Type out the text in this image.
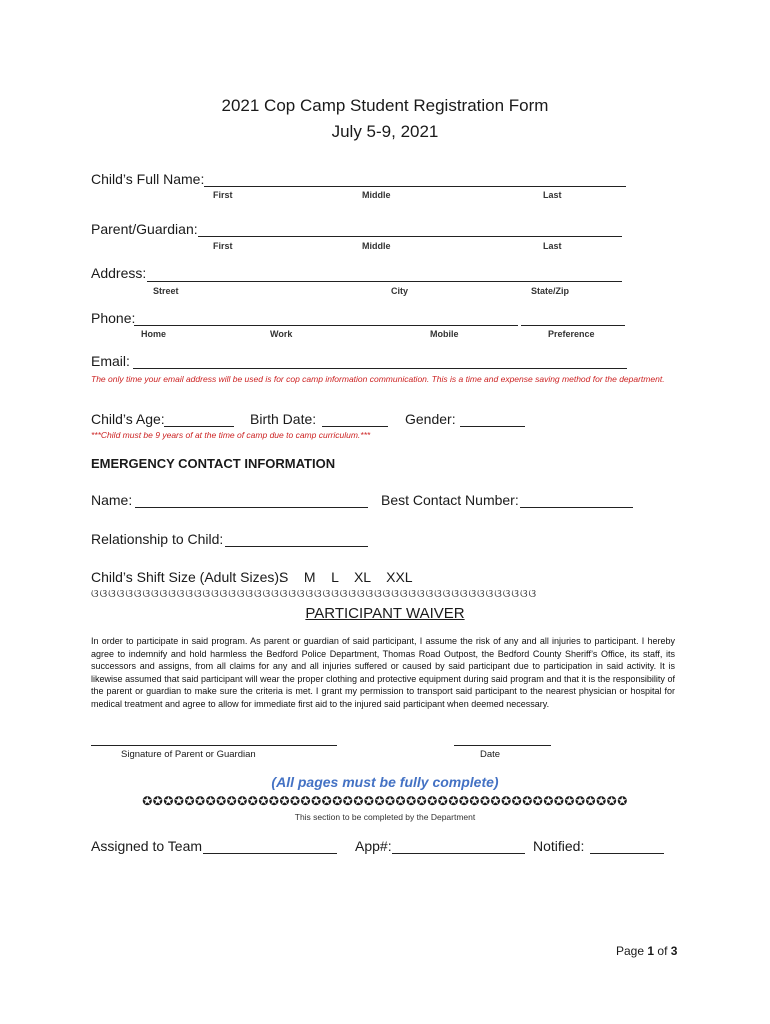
2021 Cop Camp Student Registration Form
July 5-9, 2021
Child’s Full Name:
First	Middle	Last
Parent/Guardian:
First	Middle	Last
Address:
Street	City	State/Zip
Phone:
Home	Work	Mobile	Preference
Email:
The only time your email address will be used is for cop camp information communication. This is a time and expense saving method for the department.
Child’s Age:	Birth Date:	Gender:
***Child must be 9 years of at the time of camp due to camp curriculum.***
EMERGENCY CONTACT INFORMATION
Name:	Best Contact Number:
Relationship to Child:
Child’s Shift Size (Adult Sizes):
S    M    L    XL    XXL
ଓଓଓଓଓଓଓଓଓଓଓଓଓଓଓଓଓଓଓଓଓଓଓଓଓଓଓଓଓଓଓଓଓଓଓଓଓଓଓଓଓଓଓଓଓଓଓଓଓଓଓଓ
PARTICIPANT WAIVER
In order to participate in said program. As parent or guardian of said participant, I assume the risk of any and all injuries to participant. I hereby agree to indemnify and hold harmless the Bedford Police Department, Thomas Road Outpost, the Bedford County Sheriff’s Office, its staff, its successors and assigns, from all claims for any and all injuries suffered or caused by said participant due to participation in said activity. It is likewise assumed that said participant will wear the proper clothing and protective equipment during said program and that it is the responsibility of the parent or guardian to make sure the criteria is met. I grant my permission to transport said participant to the nearest physician or hospital for medical treatment and agree to allow for immediate first aid to the injured said participant when deemed necessary.
Signature of Parent or Guardian	Date
(All pages must be fully complete)
✪✪✪✪✪✪✪✪✪✪✪✪✪✪✪✪✪✪✪✪✪✪✪✪✪✪✪✪✪✪✪✪✪✪✪✪✪✪✪✪✪✪✪✪✪✪
This section to be completed by the Department
Assigned to Team	App#:	Notified:
Page 1 of 3
